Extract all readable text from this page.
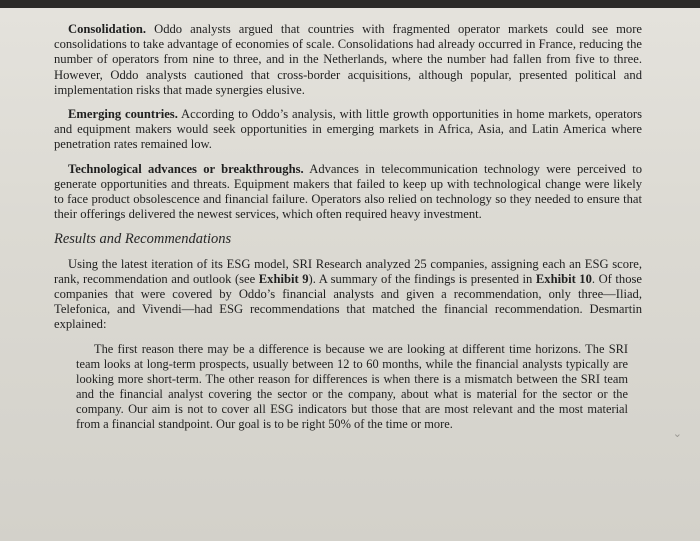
Consolidation. Oddo analysts argued that countries with fragmented operator markets could see more consolidations to take advantage of economies of scale. Consolidations had already occurred in France, reducing the number of operators from nine to three, and in the Netherlands, where the number had fallen from five to three. However, Oddo analysts cautioned that cross-border acquisitions, although popular, presented political and implementation risks that made synergies elusive.

Emerging countries. According to Oddo’s analysis, with little growth opportunities in home markets, operators and equipment makers would seek opportunities in emerging markets in Africa, Asia, and Latin America where penetration rates remained low.

Technological advances or breakthroughs. Advances in telecommunication technology were perceived to generate opportunities and threats. Equipment makers that failed to keep up with technological change were likely to face product obsolescence and financial failure. Operators also relied on technology so they needed to ensure that their offerings delivered the newest services, which often required heavy investment.

Results and Recommendations

Using the latest iteration of its ESG model, SRI Research analyzed 25 companies, assigning each an ESG score, rank, recommendation and outlook (see Exhibit 9). A summary of the findings is presented in Exhibit 10. Of those companies that were covered by Oddo’s financial analysts and given a recommendation, only three—Iliad, Telefonica, and Vivendi—had ESG recommendations that matched the financial recommendation. Desmartin explained:

The first reason there may be a difference is because we are looking at different time horizons. The SRI team looks at long-term prospects, usually between 12 to 60 months, while the financial analysts typically are looking more short-term. The other reason for differences is when there is a mismatch between the SRI team and the financial analyst covering the sector or the company, about what is material for the sector or the company. Our aim is not to cover all ESG indicators but those that are most relevant and the most material from a financial standpoint. Our goal is to be right 50% of the time or more.

⌄
